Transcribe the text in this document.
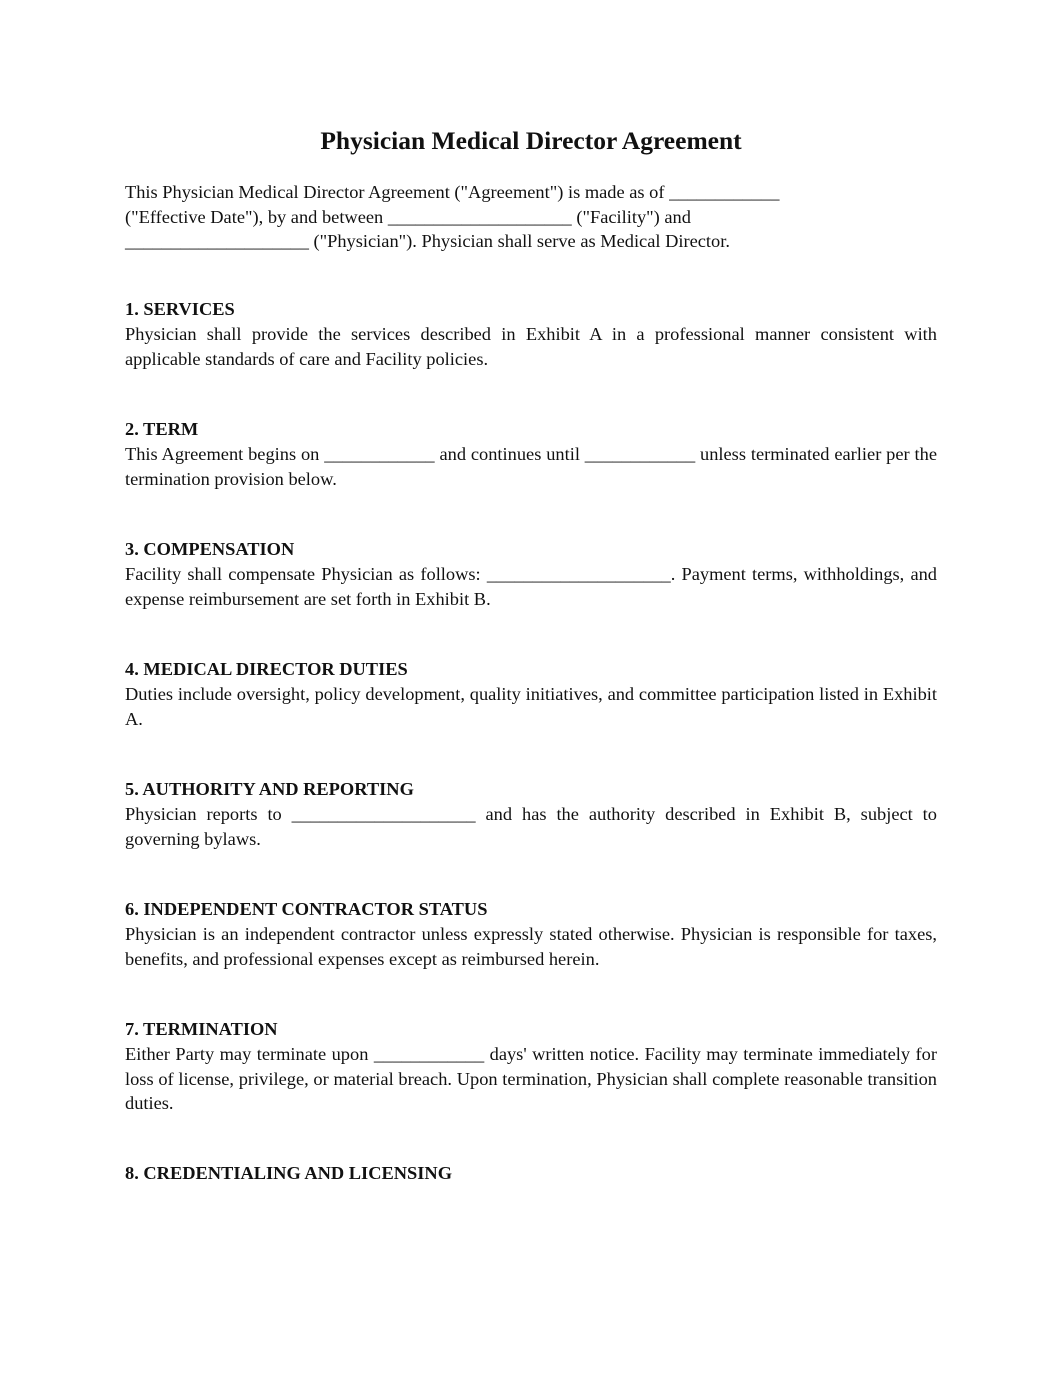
Physician Medical Director Agreement

This Physician Medical Director Agreement ("Agreement") is made as of ____________
("Effective Date"), by and between ____________________ ("Facility") and
____________________ ("Physician"). Physician shall serve as Medical Director.

1. SERVICES

Physician shall provide the services described in Exhibit A in a professional manner consistent with applicable standards of care and Facility policies.

2. TERM

This Agreement begins on ____________ and continues until ____________ unless terminated earlier per the termination provision below.

3. COMPENSATION

Facility shall compensate Physician as follows: ____________________. Payment terms, withholdings, and expense reimbursement are set forth in Exhibit B.

4. MEDICAL DIRECTOR DUTIES

Duties include oversight, policy development, quality initiatives, and committee participation listed in Exhibit A.

5. AUTHORITY AND REPORTING

Physician reports to ____________________ and has the authority described in Exhibit B, subject to governing bylaws.

6. INDEPENDENT CONTRACTOR STATUS

Physician is an independent contractor unless expressly stated otherwise. Physician is responsible for taxes, benefits, and professional expenses except as reimbursed herein.

7. TERMINATION

Either Party may terminate upon ____________ days' written notice. Facility may terminate immediately for loss of license, privilege, or material breach. Upon termination, Physician shall complete reasonable transition duties.

8. CREDENTIALING AND LICENSING
